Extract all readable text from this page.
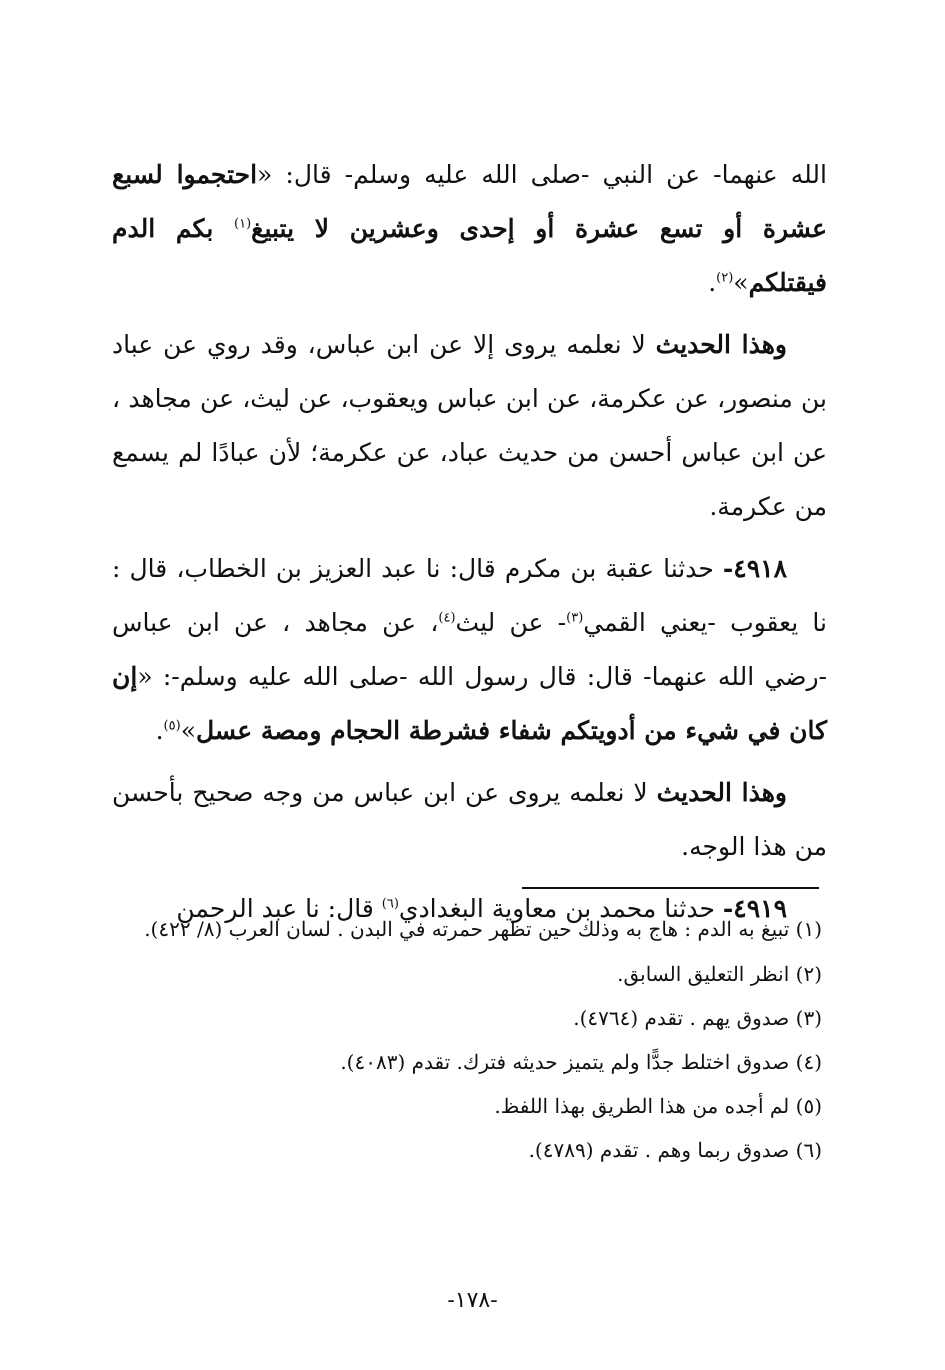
الله عنهما- عن النبي -صلى الله عليه وسلم- قال: «احتجموا لسبع عشرة أو تسع عشرة أو إحدى وعشرين لا يتبيغ$^{(١)}$ بكم الدم فيقتلكم»$^{(٢)}$.

وهذا الحديث لا نعلمه يروى إلا عن ابن عباس، وقد روي عن عباد بن منصور، عن عكرمة، عن ابن عباس ويعقوب، عن ليث، عن مجاهد ، عن ابن عباس أحسن من حديث عباد، عن عكرمة؛ لأن عبادًا لم يسمع من عكرمة.

٤٩١٨- حدثنا عقبة بن مكرم قال: نا عبد العزيز بن الخطاب، قال : نا يعقوب -يعني القمي$^{(٣)}$- عن ليث$^{(٤)}$، عن مجاهد ، عن ابن عباس -رضي الله عنهما- قال: قال رسول الله -صلى الله عليه وسلم-: «إن كان في شيء من أدويتكم شفاء فشرطة الحجام ومصة عسل»$^{(٥)}$.

وهذا الحديث لا نعلمه يروى عن ابن عباس من وجه صحيح بأحسن من هذا الوجه.

٤٩١٩- حدثنا محمد بن معاوية البغدادي$^{(٦)}$ قال: نا عبد الرحمن

(١) تبيغ به الدم : هاج به وذلك حين تظهر حمرته في البدن . لسان العرب (٨/ ٤٢٢).

(٢) انظر التعليق السابق.

(٣) صدوق يهم . تقدم (٤٧٦٤).

(٤) صدوق اختلط جدًّا ولم يتميز حديثه فترك. تقدم (٤٠٨٣).

(٥) لم أجده من هذا الطريق بهذا اللفظ.

(٦) صدوق ربما وهم . تقدم (٤٧٨٩).

-١٧٨-
